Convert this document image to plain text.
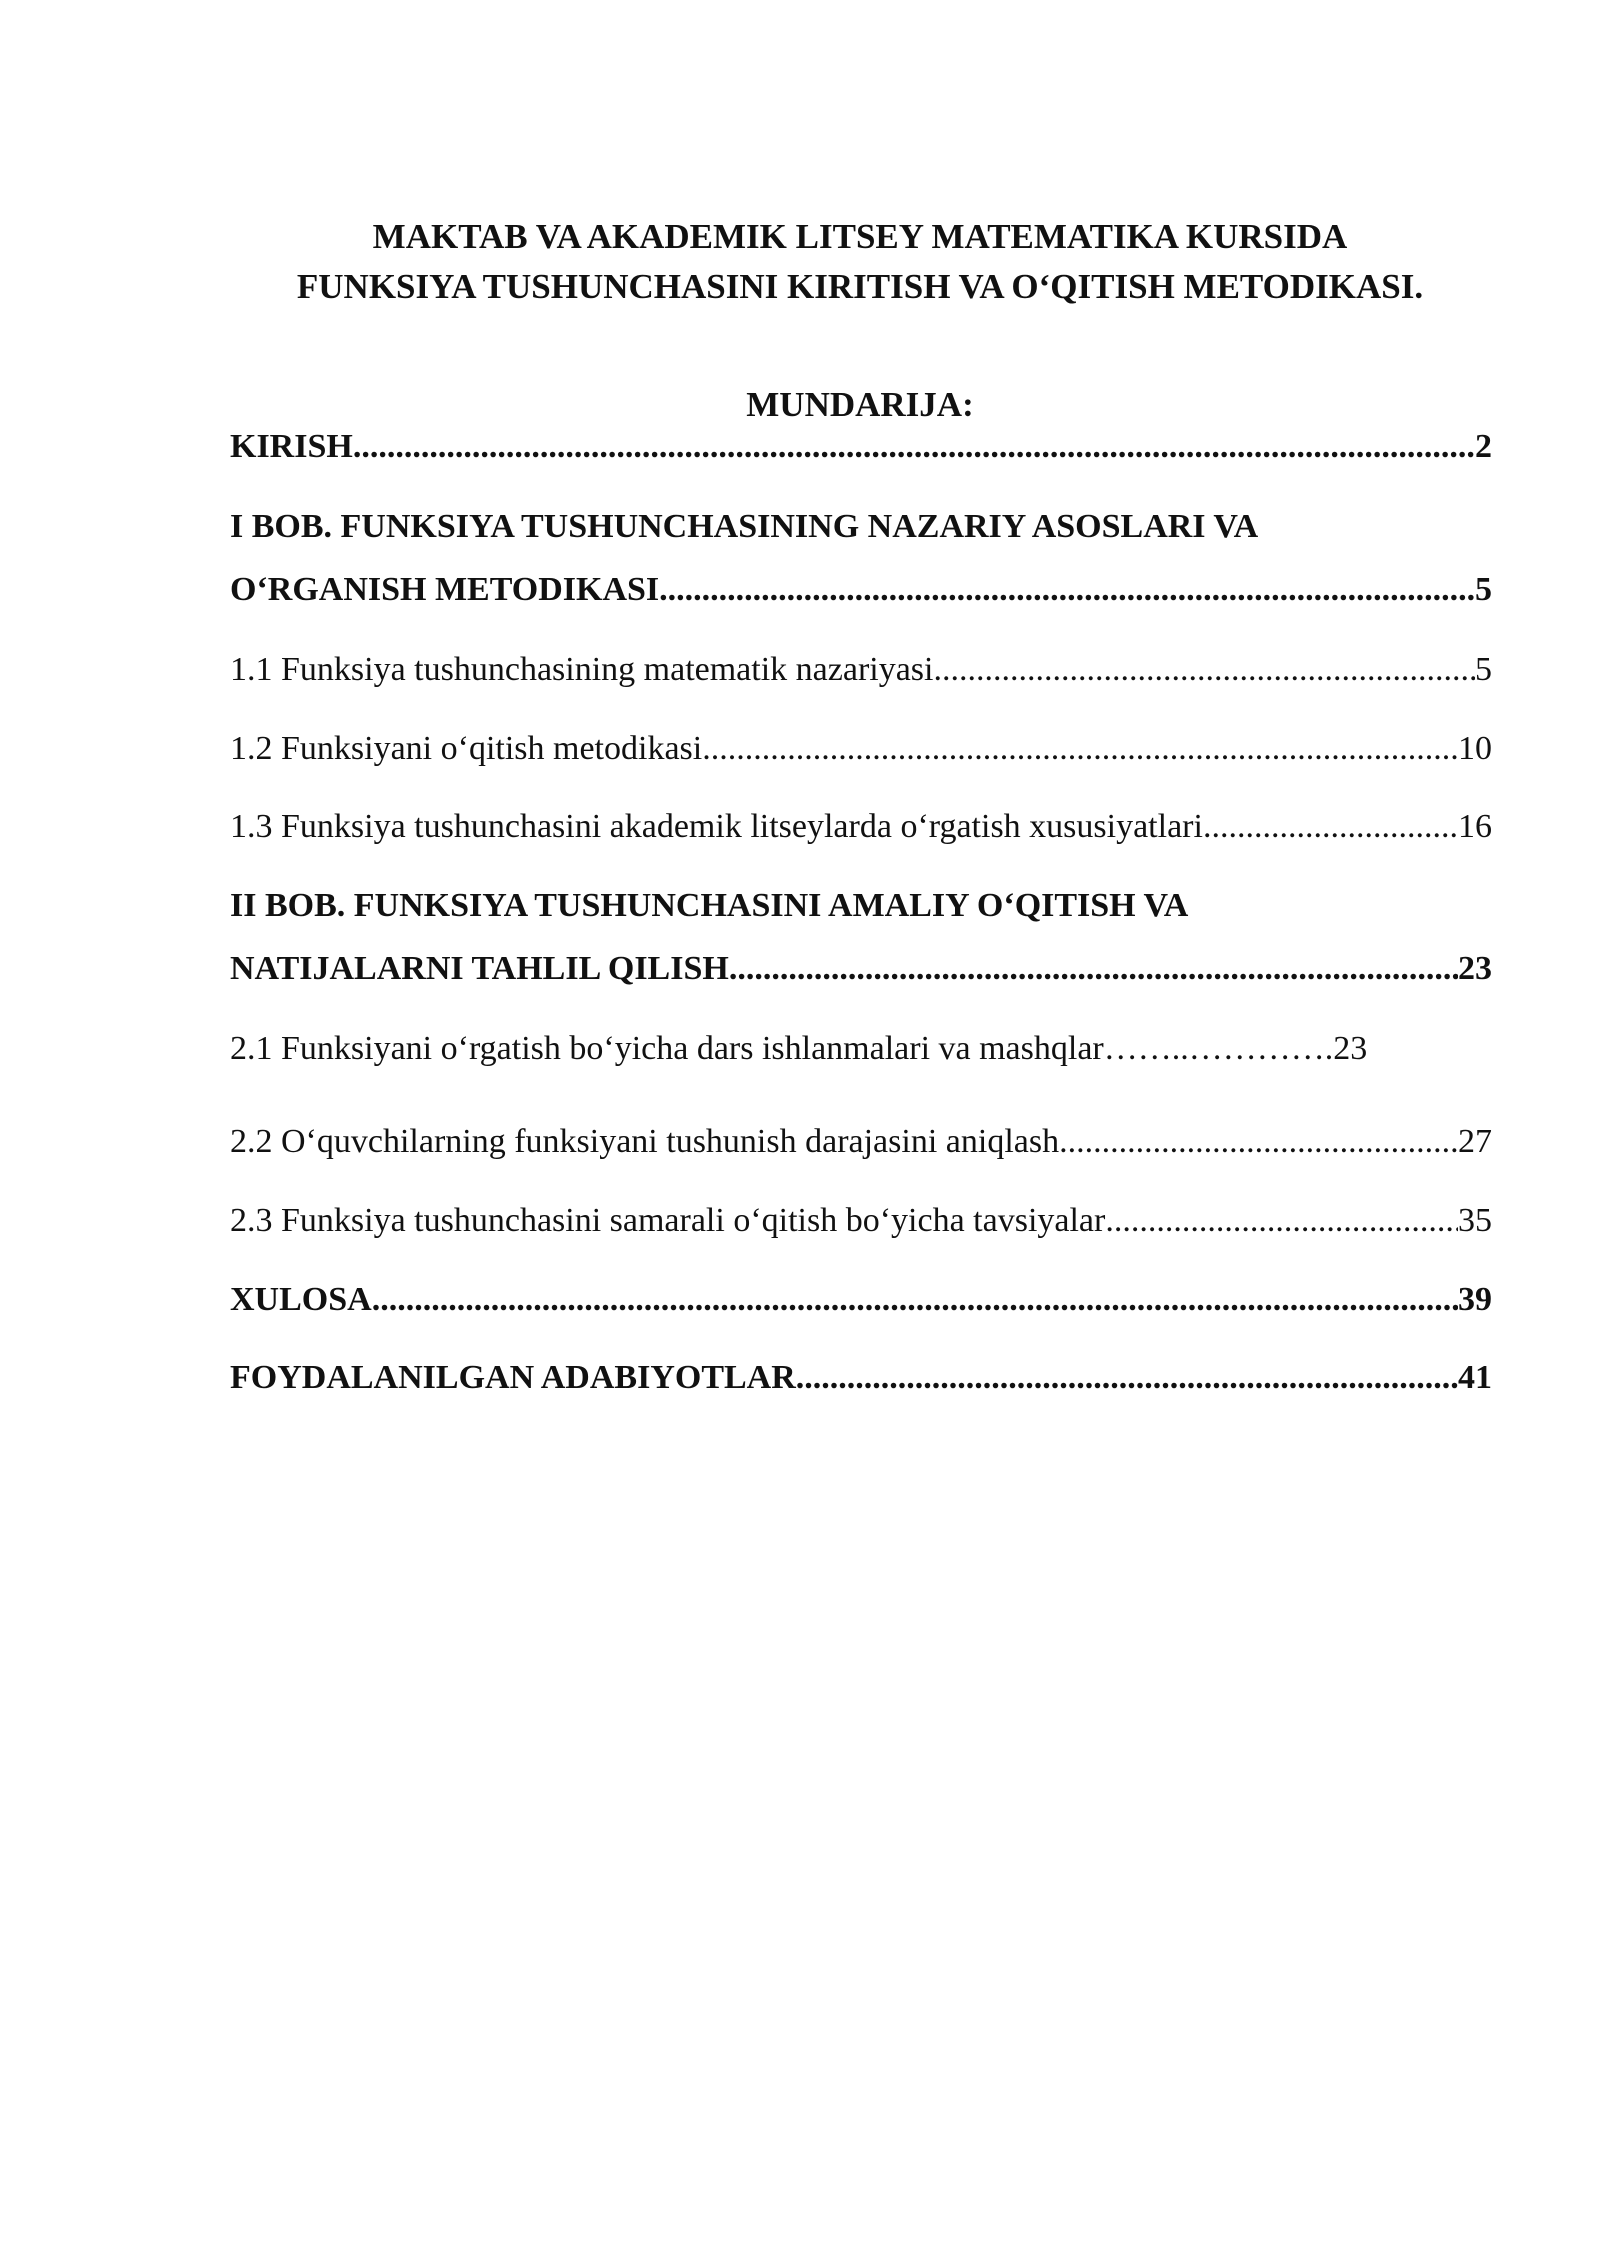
MAKTAB VA AKADEMIK LITSEY MATEMATIKA KURSIDA
FUNKSIYA TUSHUNCHASINI KIRITISH VA O‘QITISH METODIKASI.
MUNDARIJA:
KIRISH .....	2
I BOB. FUNKSIYA TUSHUNCHASINING NAZARIY ASOSLARI VA
O‘RGANISH METODIKASI .....	5
1.1 Funksiya tushunchasining matematik nazariyasi .....	5
1.2 Funksiyani o‘qitish metodikasi .....	10
1.3 Funksiya tushunchasini akademik litseylarda o‘rgatish xususiyatlari .....	16
II BOB. FUNKSIYA TUSHUNCHASINI AMALIY O‘QITISH VA
NATIJALARNI TAHLIL QILISH .....	23
2.1 Funksiyani o‘rgatish bo‘yicha dars ishlanmalari va mashqlar……..…………. 23
2.2 O‘quvchilarning funksiyani tushunish darajasini aniqlash .....	27
2.3 Funksiya tushunchasini samarali o‘qitish bo‘yicha tavsiyalar .....	35
XULOSA .....	39
FOYDALANILGAN ADABIYOTLAR .....	41
